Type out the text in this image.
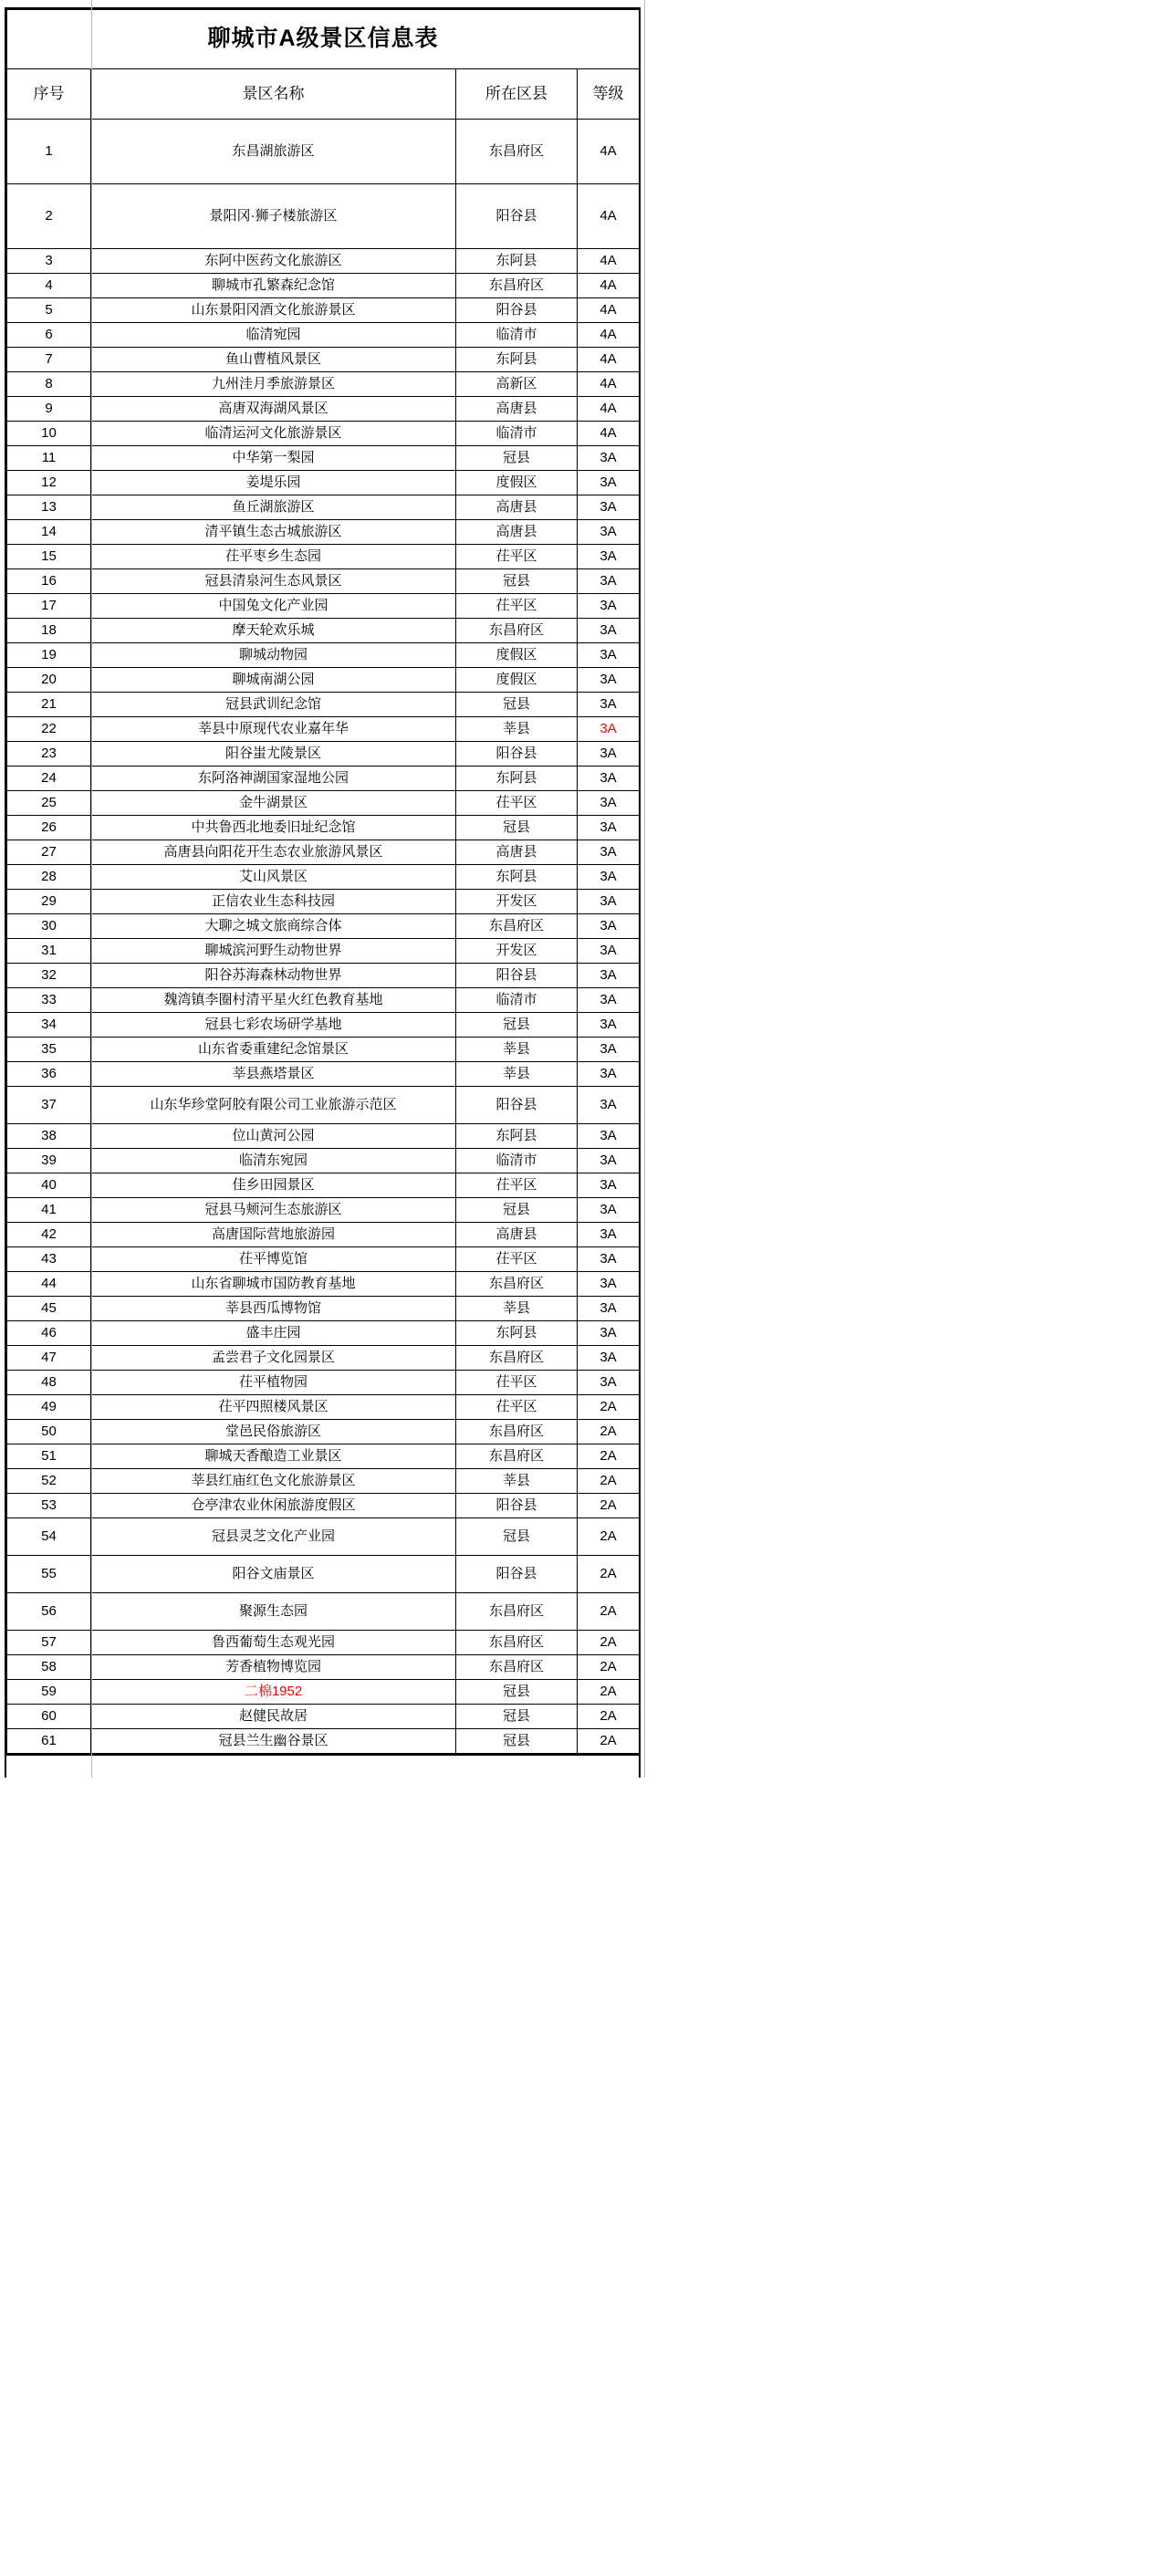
聊城市A级景区信息表			
序号	景区名称	所在区县	等级
1	东昌湖旅游区	东昌府区	4A
2	景阳冈·狮子楼旅游区	阳谷县	4A
3	东阿中医药文化旅游区	东阿县	4A
4	聊城市孔繁森纪念馆	东昌府区	4A
5	山东景阳冈酒文化旅游景区	阳谷县	4A
6	临清宛园	临清市	4A
7	鱼山曹植风景区	东阿县	4A
8	九州洼月季旅游景区	高新区	4A
9	高唐双海湖风景区	高唐县	4A
10	临清运河文化旅游景区	临清市	4A
11	中华第一梨园	冠县	3A
12	姜堤乐园	度假区	3A
13	鱼丘湖旅游区	高唐县	3A
14	清平镇生态古城旅游区	高唐县	3A
15	茌平枣乡生态园	茌平区	3A
16	冠县清泉河生态风景区	冠县	3A
17	中国兔文化产业园	茌平区	3A
18	摩天轮欢乐城	东昌府区	3A
19	聊城动物园	度假区	3A
20	聊城南湖公园	度假区	3A
21	冠县武训纪念馆	冠县	3A
22	莘县中原现代农业嘉年华	莘县	3A
23	阳谷蚩尤陵景区	阳谷县	3A
24	东阿洛神湖国家湿地公园	东阿县	3A
25	金牛湖景区	茌平区	3A
26	中共鲁西北地委旧址纪念馆	冠县	3A
27	高唐县向阳花开生态农业旅游风景区	高唐县	3A
28	艾山风景区	东阿县	3A
29	正信农业生态科技园	开发区	3A
30	大聊之城文旅商综合体	东昌府区	3A
31	聊城滨河野生动物世界	开发区	3A
32	阳谷苏海森林动物世界	阳谷县	3A
33	魏湾镇李圈村清平星火红色教育基地	临清市	3A
34	冠县七彩农场研学基地	冠县	3A
35	山东省委重建纪念馆景区	莘县	3A
36	莘县燕塔景区	莘县	3A
37	山东华珍堂阿胶有限公司工业旅游示范区	阳谷县	3A
38	位山黄河公园	东阿县	3A
39	临清东宛园	临清市	3A
40	佳乡田园景区	茌平区	3A
41	冠县马颊河生态旅游区	冠县	3A
42	高唐国际营地旅游园	高唐县	3A
43	茌平博览馆	茌平区	3A
44	山东省聊城市国防教育基地	东昌府区	3A
45	莘县西瓜博物馆	莘县	3A
46	盛丰庄园	东阿县	3A
47	孟尝君子文化园景区	东昌府区	3A
48	茌平植物园	茌平区	3A
49	茌平四照楼风景区	茌平区	2A
50	堂邑民俗旅游区	东昌府区	2A
51	聊城天香酿造工业景区	东昌府区	2A
52	莘县红庙红色文化旅游景区	莘县	2A
53	仓亭津农业休闲旅游度假区	阳谷县	2A
54	冠县灵芝文化产业园	冠县	2A
55	阳谷文庙景区	阳谷县	2A
56	聚源生态园	东昌府区	2A
57	鲁西葡萄生态观光园	东昌府区	2A
58	芳香植物博览园	东昌府区	2A
59	二棉1952	冠县	2A
60	赵健民故居	冠县	2A
61	冠县兰生幽谷景区	冠县	2A
